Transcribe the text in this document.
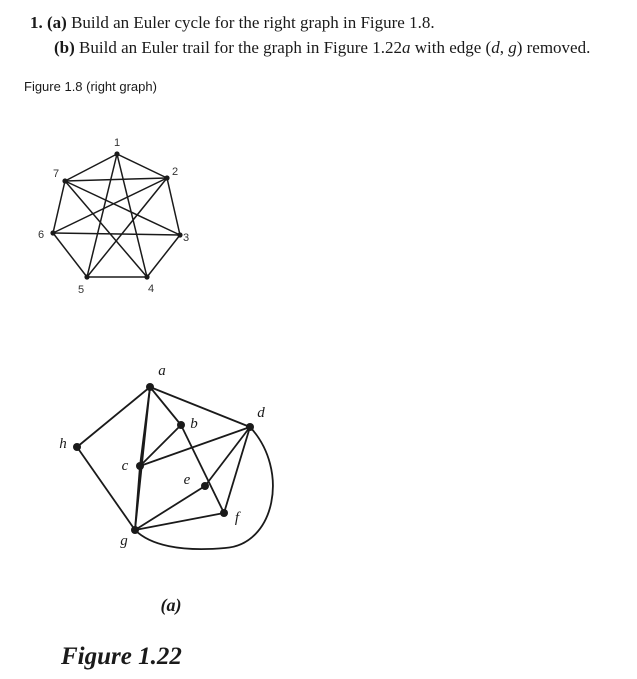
1. (a) Build an Euler cycle for the right graph in Figure 1.8.
(b) Build an Euler trail for the graph in Figure 1.22a with edge (d, g) removed.
Figure 1.8 (right graph)
1
2
3
4
5
6
7
a
b
c
d
e
f
g
h
(a)
Figure 1.22
